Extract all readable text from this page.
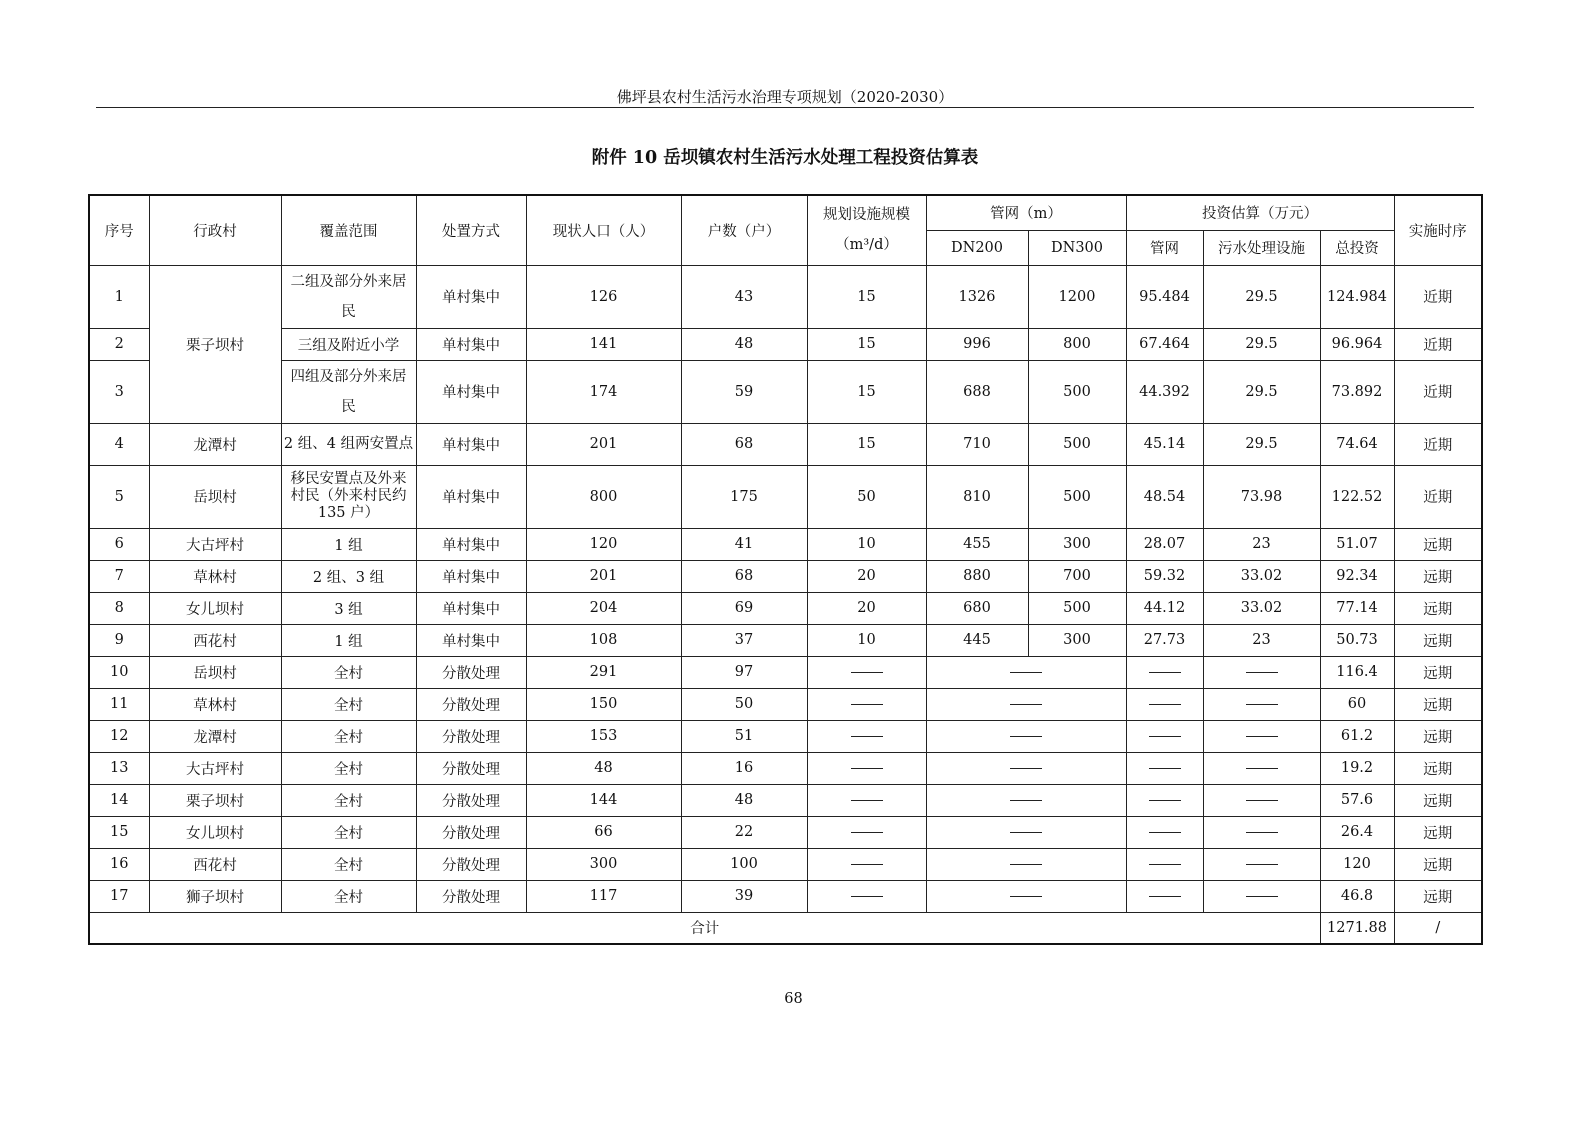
佛坪县农村生活污水治理专项规划（2020-2030）
附件 10 岳坝镇农村生活污水处理工程投资估算表
序号	行政村	覆盖范围	处置方式	现状人口（人）	户数（户）	规划设施规模
（m³/d）	管网（m）		投资估算（万元）			实施时序
							DN200	DN300	管网	污水处理设施	总投资	
1	栗子坝村	二组及部分外来居民	单村集中	126	43	15	1326	1200	95.484	29.5	124.984	近期
2		三组及附近小学	单村集中	141	48	15	996	800	67.464	29.5	96.964	近期
3		四组及部分外来居民	单村集中	174	59	15	688	500	44.392	29.5	73.892	近期
4	龙潭村	2 组、4 组两安置点	单村集中	201	68	15	710	500	45.14	29.5	74.64	近期
5	岳坝村	移民安置点及外来村民（外来村民约 135 户）	单村集中	800	175	50	810	500	48.54	73.98	122.52	近期
6	大古坪村	1 组	单村集中	120	41	10	455	300	28.07	23	51.07	远期
7	草林村	2 组、3 组	单村集中	201	68	20	880	700	59.32	33.02	92.34	远期
8	女儿坝村	3 组	单村集中	204	69	20	680	500	44.12	33.02	77.14	远期
9	西花村	1 组	单村集中	108	37	10	445	300	27.73	23	50.73	远期
10	岳坝村	全村	分散处理	291	97						116.4	远期
11	草林村	全村	分散处理	150	50						60	远期
12	龙潭村	全村	分散处理	153	51						61.2	远期
13	大古坪村	全村	分散处理	48	16						19.2	远期
14	栗子坝村	全村	分散处理	144	48						57.6	远期
15	女儿坝村	全村	分散处理	66	22						26.4	远期
16	西花村	全村	分散处理	300	100						120	远期
17	狮子坝村	全村	分散处理	117	39						46.8	远期
合计											1271.88	/
68
